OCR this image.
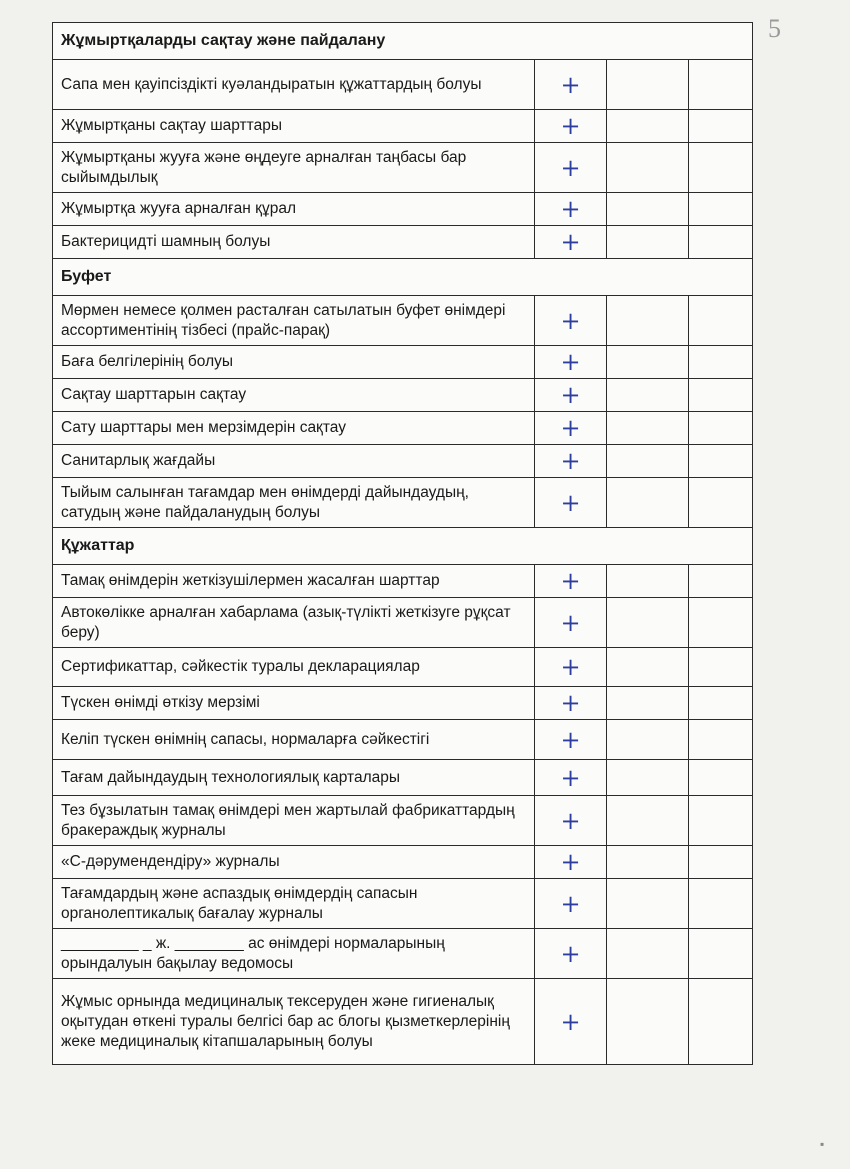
5
Жұмыртқаларды сақтау және пайдалану			
Сапа мен қауіпсіздікті куәландыратын құжаттардың болуы	+		
Жұмыртқаны сақтау шарттары	+		
Жұмыртқаны жууға және өңдеуге арналған таңбасы бар сыйымдылық	+		
Жұмыртқа жууға арналған құрал	+		
Бактерицидті шамның болуы	+		
Буфет			
Мөрмен немесе қолмен расталған сатылатын буфет өнімдері ассортиментінің тізбесі (прайс-парақ)	+		
Баға белгілерінің болуы	+		
Сақтау шарттарын сақтау	+		
Сату шарттары мен мерзімдерін сақтау	+		
Санитарлық жағдайы	+		
Тыйым салынған тағамдар мен өнімдерді дайындаудың, сатудың және пайдаланудың болуы	+		
Құжаттар			
Тамақ өнімдерін жеткізушілермен жасалған шарттар	+		
Автокөлікке арналған хабарлама (азық-түлікті жеткізуге рұқсат беру)	+		
Сертификаттар, сәйкестік туралы декларациялар	+		
Түскен өнімді өткізу мерзімі	+		
Келіп түскен өнімнің сапасы, нормаларға сәйкестігі	+		
Тағам дайындаудың технологиялық карталары	+		
Тез бұзылатын тамақ өнімдері мен жартылай фабрикаттардың бракераждық журналы	+		
«С-дәрумендендіру» журналы	+		
Тағамдардың және аспаздық өнімдердің сапасын органолептикалық бағалау журналы	+		
_________ _ ж. ________ ас өнімдері нормаларының орындалуын бақылау ведомосы	+		
Жұмыс орнында медициналық тексеруден және гигиеналық оқытудан өткені туралы белгісі бар ас блогы қызметкерлерінің жеке медициналық кітапшаларының болуы	+		
▪
